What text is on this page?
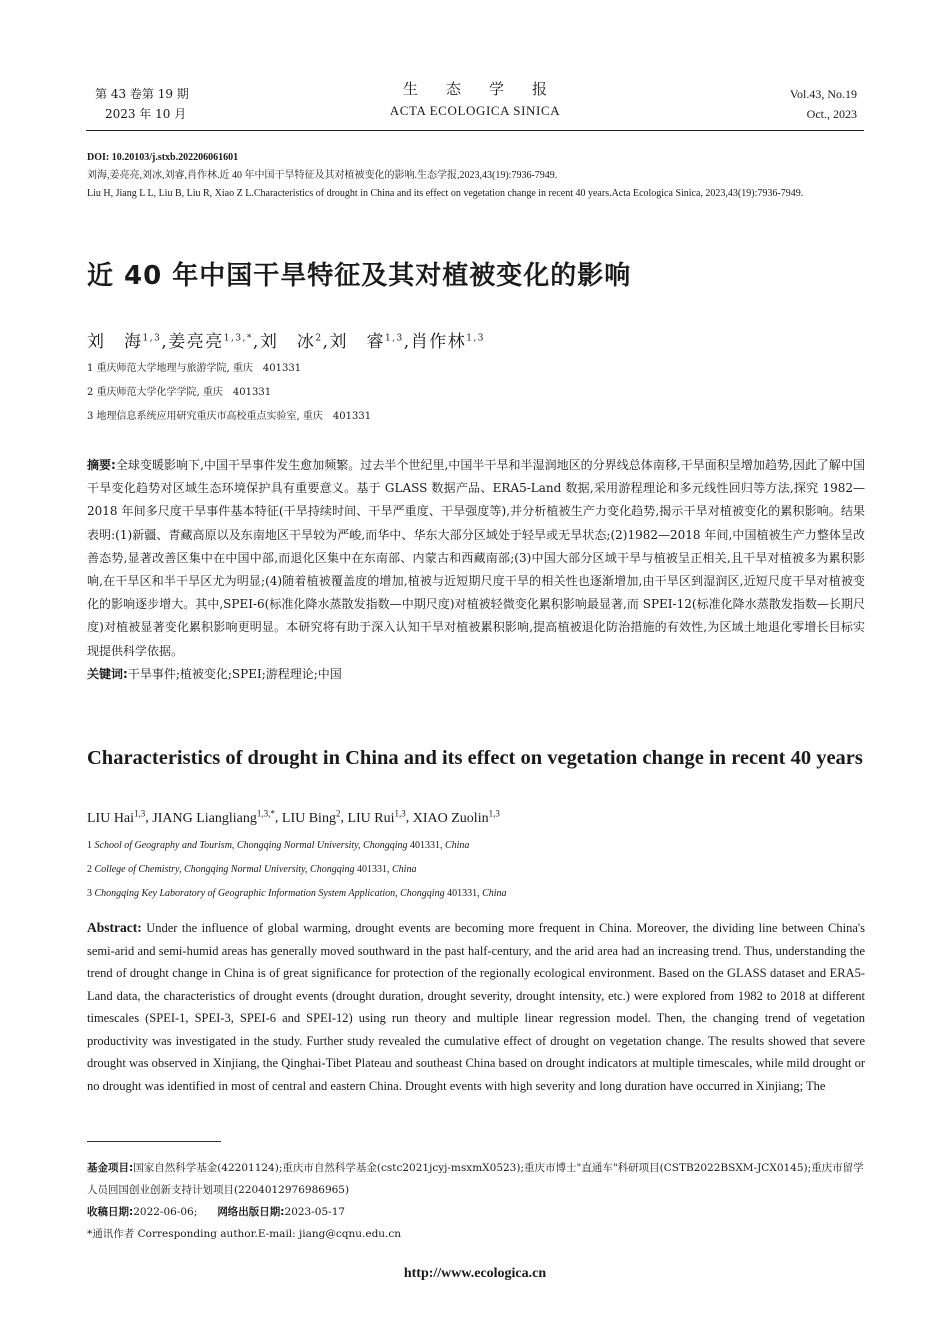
第 43 卷第 19 期
2023 年 10 月
生态学报
ACTA ECOLOGICA SINICA
Vol.43, No.19
Oct., 2023
DOI: 10.20103/j.stxb.202206061601
刘海,姜亮亮,刘冰,刘睿,肖作林.近 40 年中国干旱特征及其对植被变化的影响.生态学报,2023,43(19):7936-7949.
Liu H, Jiang L L, Liu B, Liu R, Xiao Z L.Characteristics of drought in China and its effect on vegetation change in recent 40 years.Acta Ecologica Sinica, 2023,43(19):7936-7949.
近 40 年中国干旱特征及其对植被变化的影响
刘　海$^{1,3}$,姜亮亮$^{1,3,*}$,刘　冰$^2$,刘　睿$^{1,3}$,肖作林$^{1,3}$
1 重庆师范大学地理与旅游学院, 重庆　401331
2 重庆师范大学化学学院, 重庆　401331
3 地理信息系统应用研究重庆市高校重点实验室, 重庆　401331
摘要:全球变暖影响下,中国干旱事件发生愈加频繁。过去半个世纪里,中国半干旱和半湿润地区的分界线总体南移,干旱面积呈增加趋势,因此了解中国干旱变化趋势对区域生态环境保护具有重要意义。基于 GLASS 数据产品、ERA5-Land 数据,采用游程理论和多元线性回归等方法,探究 1982—2018 年间多尺度干旱事件基本特征(干旱持续时间、干旱严重度、干旱强度等),并分析植被生产力变化趋势,揭示干旱对植被变化的累积影响。结果表明:(1)新疆、青藏高原以及东南地区干旱较为严峻,而华中、华东大部分区域处于轻旱或无旱状态;(2)1982—2018 年间,中国植被生产力整体呈改善态势,显著改善区集中在中国中部,而退化区集中在东南部、内蒙古和西藏南部;(3)中国大部分区域干旱与植被呈正相关,且干旱对植被多为累积影响,在干旱区和半干旱区尤为明显;(4)随着植被覆盖度的增加,植被与近短期尺度干旱的相关性也逐渐增加,由干旱区到湿润区,近短尺度干旱对植被变化的影响逐步增大。其中,SPEI-6(标准化降水蒸散发指数—中期尺度)对植被轻微变化累积影响最显著,而 SPEI-12(标准化降水蒸散发指数—长期尺度)对植被显著变化累积影响更明显。本研究将有助于深入认知干旱对植被累积影响,提高植被退化防治措施的有效性,为区域土地退化零增长目标实现提供科学依据。
关键词:干旱事件;植被变化;SPEI;游程理论;中国
Characteristics of drought in China and its effect on vegetation change in recent 40 years
LIU Hai$^{1,3}$, JIANG Liangliang$^{1,3,*}$, LIU Bing$^2$, LIU Rui$^{1,3}$, XIAO Zuolin$^{1,3}$
1 School of Geography and Tourism, Chongqing Normal University, Chongqing 401331, China
2 College of Chemistry, Chongqing Normal University, Chongqing 401331, China
3 Chongqing Key Laboratory of Geographic Information System Application, Chongqing 401331, China
Abstract: Under the influence of global warming, drought events are becoming more frequent in China. Moreover, the dividing line between China's semi-arid and semi-humid areas has generally moved southward in the past half-century, and the arid area had an increasing trend. Thus, understanding the trend of drought change in China is of great significance for protection of the regionally ecological environment. Based on the GLASS dataset and ERA5-Land data, the characteristics of drought events (drought duration, drought severity, drought intensity, etc.) were explored from 1982 to 2018 at different timescales (SPEI-1, SPEI-3, SPEI-6 and SPEI-12) using run theory and multiple linear regression model. Then, the changing trend of vegetation productivity was investigated in the study. Further study revealed the cumulative effect of drought on vegetation change. The results showed that severe drought was observed in Xinjiang, the Qinghai-Tibet Plateau and southeast China based on drought indicators at multiple timescales, while mild drought or no drought was identified in most of central and eastern China. Drought events with high severity and long duration have occurred in Xinjiang; The
基金项目:国家自然科学基金(42201124);重庆市自然科学基金(cstc2021jcyj-msxmX0523);重庆市博士"直通车"科研项目(CSTB2022BSXM-JCX0145);重庆市留学人员回国创业创新支持计划项目(2204012976986965)
收稿日期:2022-06-06; 网络出版日期:2023-05-17
*通讯作者 Corresponding author.E-mail: jiang@cqnu.edu.cn
http://www.ecologica.cn
